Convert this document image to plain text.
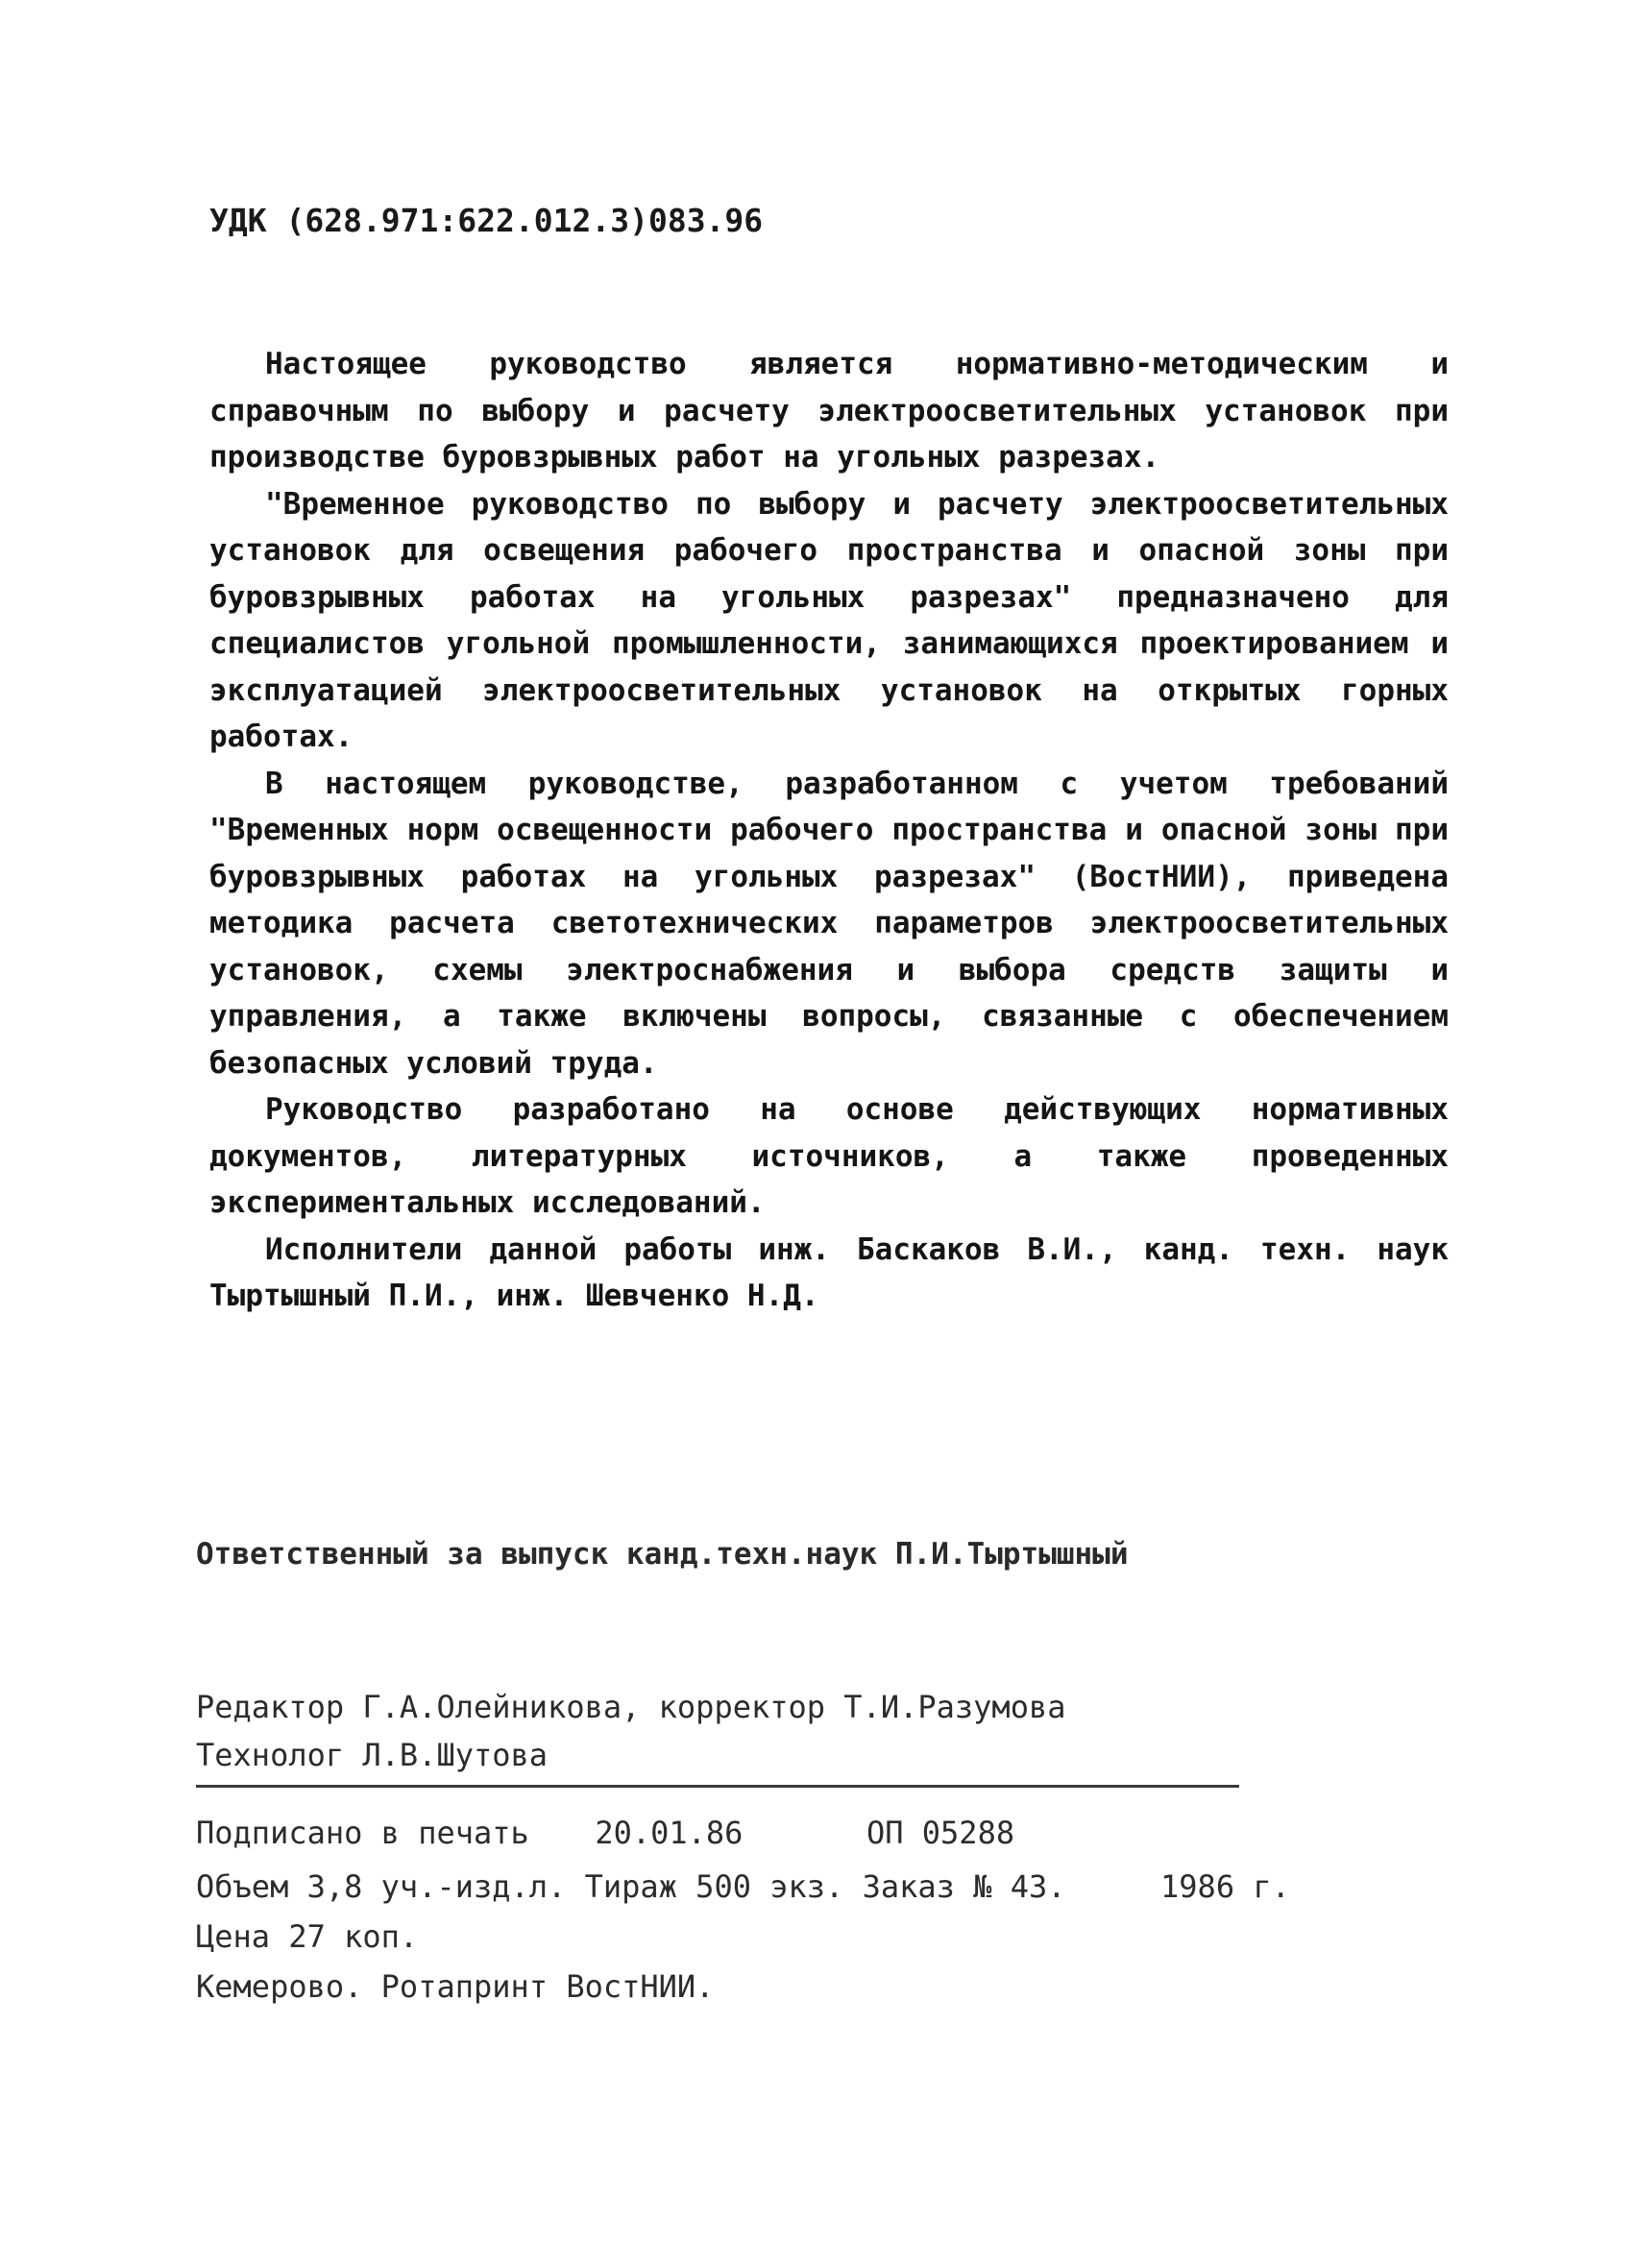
УДК (628.971:622.012.3)083.96

Настоящее руководство является нормативно-методическим и справочным по выбору и расчету электроосветительных установок при производстве буровзрывных работ на угольных разрезах.

"Временное руководство по выбору и расчету электроосветительных установок для освещения рабочего пространства и опасной зоны при буровзрывных работах на угольных разрезах" предназначено для специалистов угольной промышленности, занимающихся проектированием и эксплуатацией электроосветительных установок на открытых горных работах.

В настоящем руководстве, разработанном с учетом требований "Временных норм освещенности рабочего пространства и опасной зоны при буровзрывных работах на угольных разрезах" (ВостНИИ), приведена методика расчета светотехнических параметров электроосветительных установок, схемы электроснабжения и выбора средств защиты и управления, а также включены вопросы, связанные с обеспечением безопасных условий труда.

Руководство разработано на основе действующих нормативных документов, литературных источников, а также проведенных экспериментальных исследований.

Исполнители данной работы инж. Баскаков В.И., канд. техн. наук Тыртышный П.И., инж. Шевченко Н.Д.

Ответственный за выпуск канд.техн.наук П.И.Тыртышный
Редактор Г.А.Олейникова, корректор Т.И.Разумова
Технолог Л.В.Шутова
Подписано в печать 20.01.86	ОП 05288
Объем 3,8 уч.-изд.л. Тираж 500 экз. Заказ № 43.	1986 г.
Цена 27 коп.
Кемерово. Ротапринт ВостНИИ.
